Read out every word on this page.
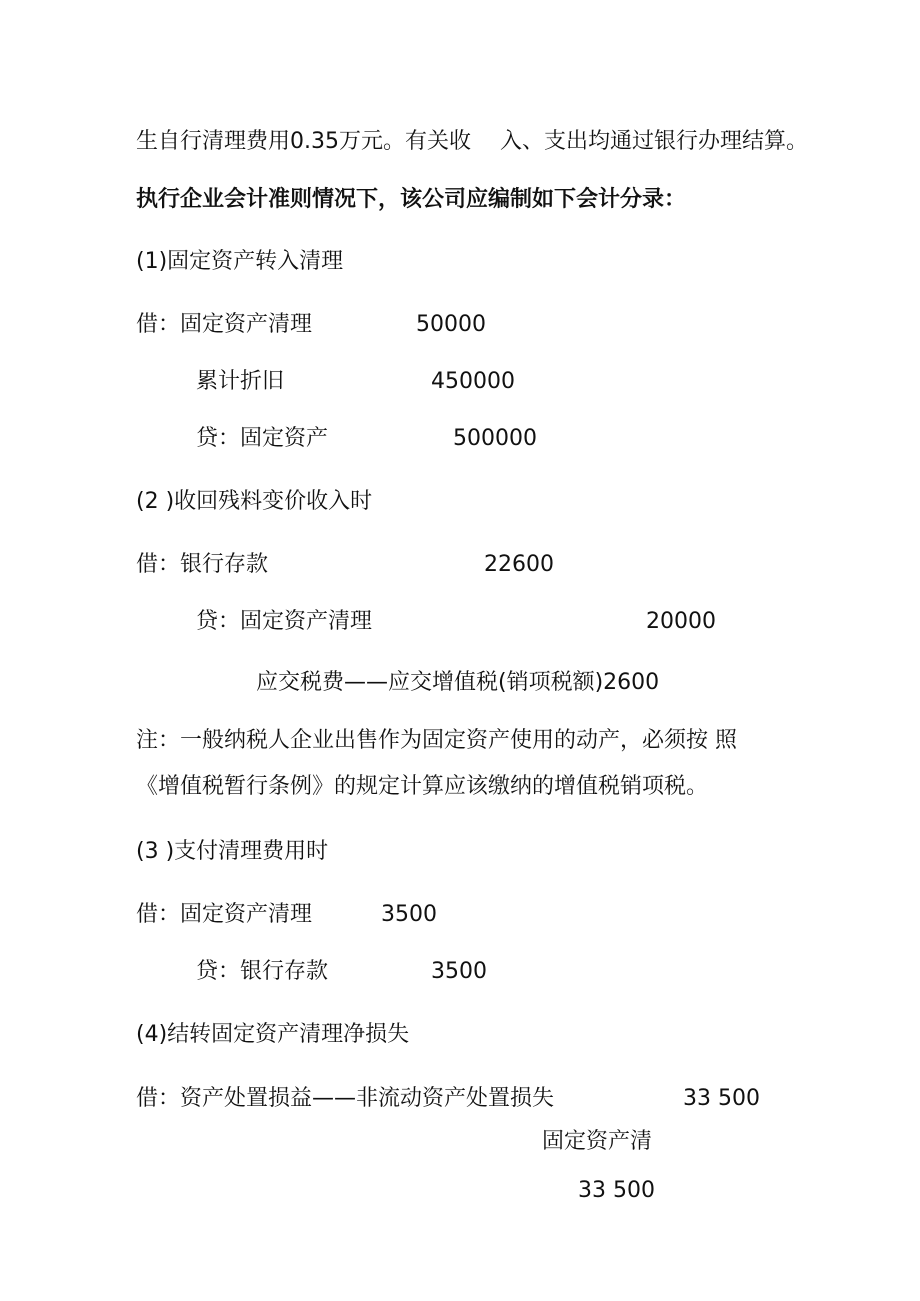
生自行清理费用0.35万元。有关收　 入、支出均通过银行办理结算。
执行企业会计准则情况下，该公司应编制如下会计分录：
(1)固定资产转入清理
借：固定资产清理	50000
累计折旧	450000
贷：固定资产	500000
(2 )收回残料变价收入时
借：银行存款	22600
贷：固定资产清理	20000
应交税费——应交增值税(销项税额)2600
注：一般纳税人企业出售作为固定资产使用的动产，必须按 照
《增值税暂行条例》的规定计算应该缴纳的增值税销项税。
(3 )支付清理费用时
借：固定资产清理	3500
贷：银行存款	3500
(4)结转固定资产清理净损失
借：资产处置损益——非流动资产处置损失	33 500
固定资产清
33 500
